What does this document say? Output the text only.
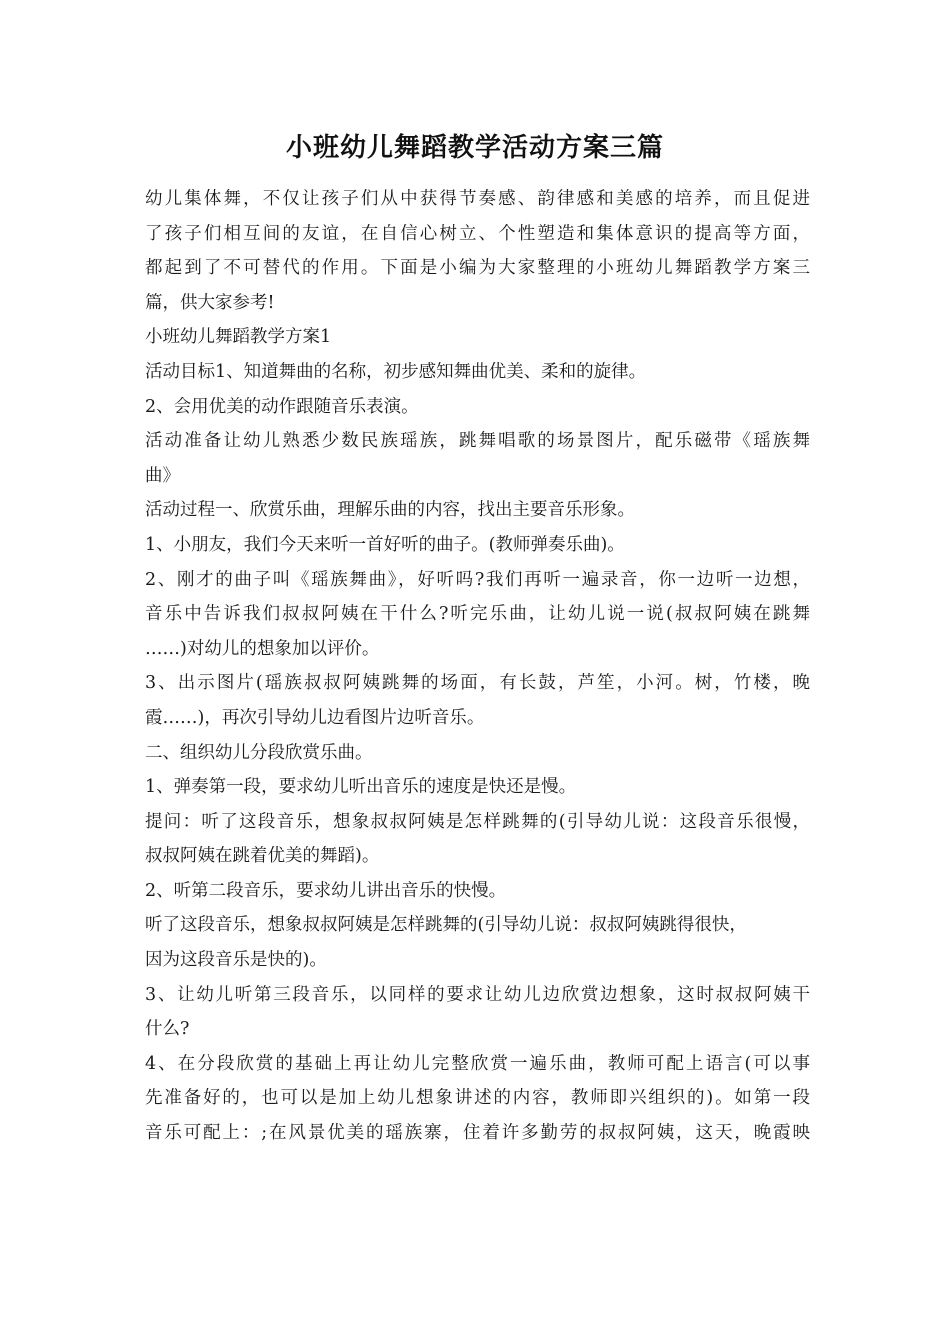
小班幼儿舞蹈教学活动方案三篇
幼儿集体舞，不仅让孩子们从中获得节奏感、韵律感和美感的培养，而且促进
了孩子们相互间的友谊，在自信心树立、个性塑造和集体意识的提高等方面，
都起到了不可替代的作用。下面是小编为大家整理的小班幼儿舞蹈教学方案三
篇，供大家参考!
小班幼儿舞蹈教学方案1
活动目标1、知道舞曲的名称，初步感知舞曲优美、柔和的旋律。
2、会用优美的动作跟随音乐表演。
活动准备让幼儿熟悉少数民族瑶族，跳舞唱歌的场景图片，配乐磁带《瑶族舞
曲》
活动过程一、欣赏乐曲，理解乐曲的内容，找出主要音乐形象。
1、小朋友，我们今天来听一首好听的曲子。(教师弹奏乐曲)。
2、刚才的曲子叫《瑶族舞曲》，好听吗?我们再听一遍录音，你一边听一边想，
音乐中告诉我们叔叔阿姨在干什么?听完乐曲，让幼儿说一说(叔叔阿姨在跳舞
……)对幼儿的想象加以评价。
3、出示图片(瑶族叔叔阿姨跳舞的场面，有长鼓，芦笙，小河。树，竹楼，晚
霞……)，再次引导幼儿边看图片边听音乐。
二、组织幼儿分段欣赏乐曲。
1、弹奏第一段，要求幼儿听出音乐的速度是快还是慢。
提问：听了这段音乐，想象叔叔阿姨是怎样跳舞的(引导幼儿说：这段音乐很慢，
叔叔阿姨在跳着优美的舞蹈)。
2、听第二段音乐，要求幼儿讲出音乐的快慢。
听了这段音乐，想象叔叔阿姨是怎样跳舞的(引导幼儿说：叔叔阿姨跳得很快，
因为这段音乐是快的)。
3、让幼儿听第三段音乐，以同样的要求让幼儿边欣赏边想象，这时叔叔阿姨干
什么?
4、在分段欣赏的基础上再让幼儿完整欣赏一遍乐曲，教师可配上语言(可以事
先准备好的，也可以是加上幼儿想象讲述的内容，教师即兴组织的)。如第一段
音乐可配上：;在风景优美的瑶族寨，住着许多勤劳的叔叔阿姨，这天，晚霞映
